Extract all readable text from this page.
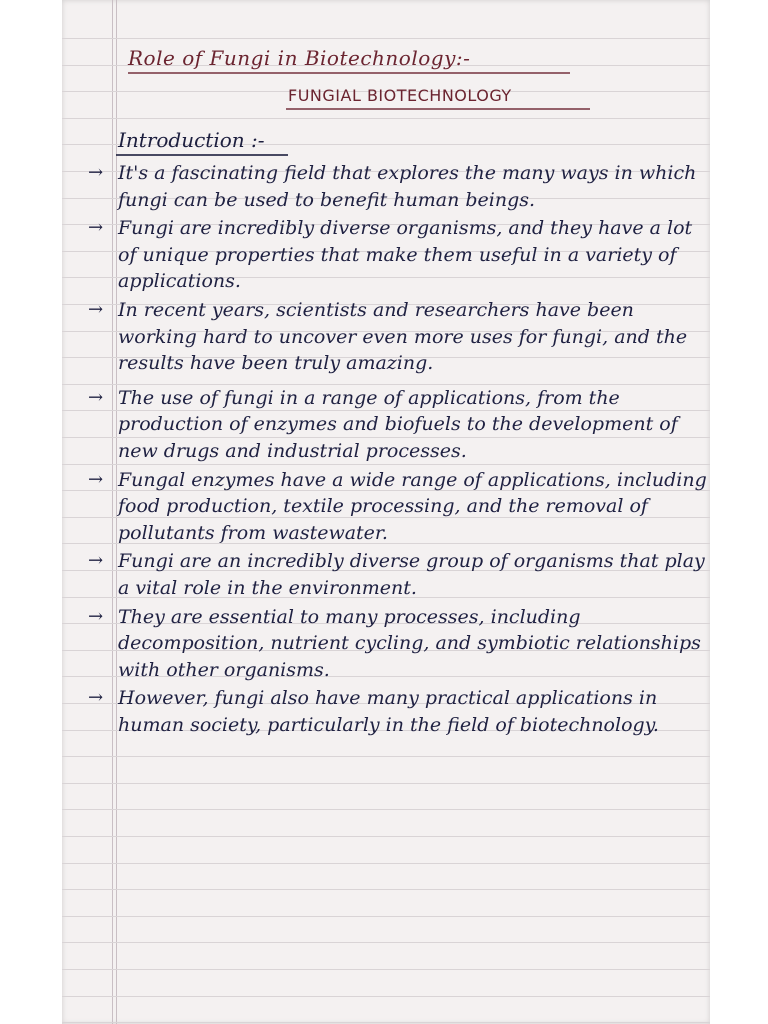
Role of Fungi in Biotechnology:-
FUNGIAL BIOTECHNOLOGY
Introduction :-

→ It's a fascinating field that explores the many ways in which fungi can be used to benefit human beings.

→ Fungi are incredibly diverse organisms, and they have a lot of unique properties that make them useful in a variety of applications.

→ In recent years, scientists and researchers have been working hard to uncover even more uses for fungi, and the results have been truly amazing.

→ The use of fungi in a range of applications, from the production of enzymes and biofuels to the development of new drugs and industrial processes.

→ Fungal enzymes have a wide range of applications, including food production, textile processing, and the removal of pollutants from wastewater.

→ Fungi are an incredibly diverse group of organisms that play a vital role in the environment.

→ They are essential to many processes, including decomposition, nutrient cycling, and symbiotic relationships with other organisms.

→ However, fungi also have many practical applications in human society, particularly in the field of biotechnology.
